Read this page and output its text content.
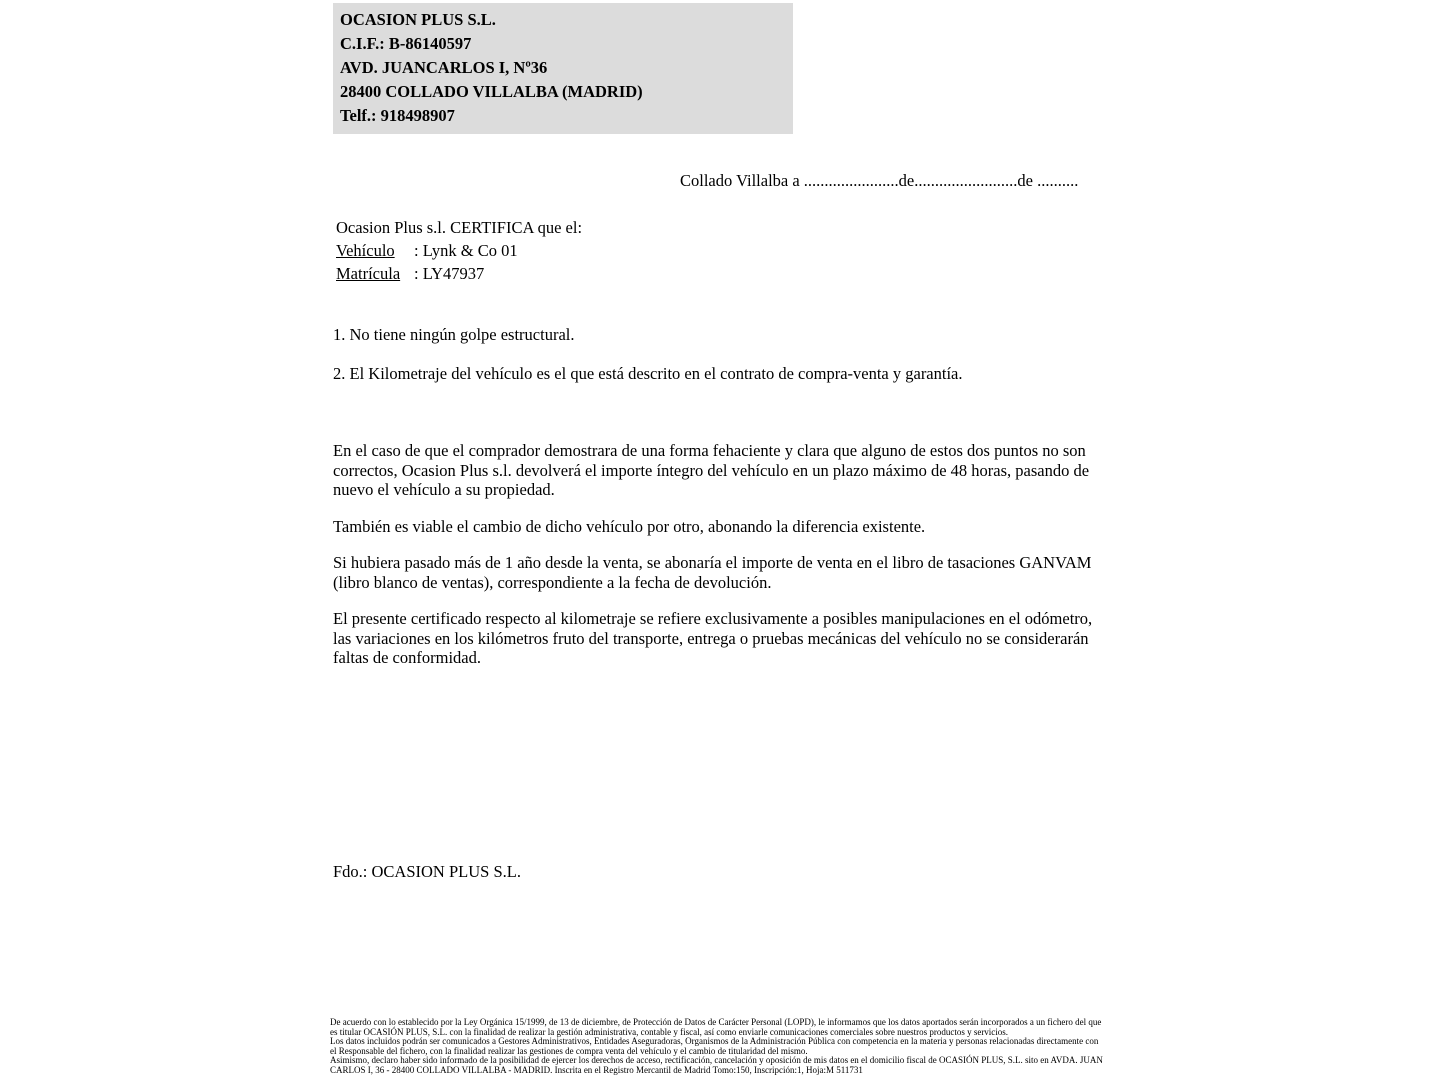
OCASION PLUS S.L.

C.I.F.: B-86140597

AVD. JUANCARLOS I, Nº36

28400 COLLADO VILLALBA (MADRID)

Telf.: 918498907

Collado Villalba a .......................de.........................de ..........

Ocasion Plus s.l. CERTIFICA que el:

Vehículo	: Lynk & Co 01
Matrícula : LY47937

1. No tiene ningún golpe estructural.

2. El Kilometraje del vehículo es el que está descrito en el contrato de compra-venta y garantía.

En el caso de que el comprador demostrara de una forma fehaciente y clara que alguno de estos dos puntos no son correctos, Ocasion Plus s.l. devolverá el importe íntegro del vehículo en un plazo máximo de 48 horas, pasando de nuevo el vehículo a su propiedad.

También es viable el cambio de dicho vehículo por otro, abonando la diferencia existente.

Si hubiera pasado más de 1 año desde la venta, se abonaría el importe de venta en el libro de tasaciones GANVAM (libro blanco de ventas), correspondiente a la fecha de devolución.

El presente certificado respecto al kilometraje se refiere exclusivamente a posibles manipulaciones en el odómetro, las variaciones en los kilómetros fruto del transporte, entrega o pruebas mecánicas del vehículo no se considerarán faltas de conformidad.

Fdo.: OCASION PLUS S.L.

De acuerdo con lo establecido por la Ley Orgánica 15/1999, de 13 de diciembre, de Protección de Datos de Carácter Personal (LOPD), le informamos que los datos aportados serán incorporados a un fichero del que es titular OCASIÓN PLUS, S.L. con la finalidad de realizar la gestión administrativa, contable y fiscal, así como enviarle comunicaciones comerciales sobre nuestros productos y servicios.

Los datos incluidos podrán ser comunicados a Gestores Administrativos, Entidades Aseguradoras, Organismos de la Administración Pública con competencia en la materia y personas relacionadas directamente con el Responsable del fichero, con la finalidad realizar las gestiones de compra venta del vehículo y el cambio de titularidad del mismo.

Asimismo, declaro haber sido informado de la posibilidad de ejercer los derechos de acceso, rectificación, cancelación y oposición de mis datos en el domicilio fiscal de OCASIÓN PLUS, S.L. sito en AVDA. JUAN CARLOS I, 36 - 28400 COLLADO VILLALBA - MADRID. Inscrita en el Registro Mercantil de Madrid Tomo:150, Inscripción:1, Hoja:M 511731
